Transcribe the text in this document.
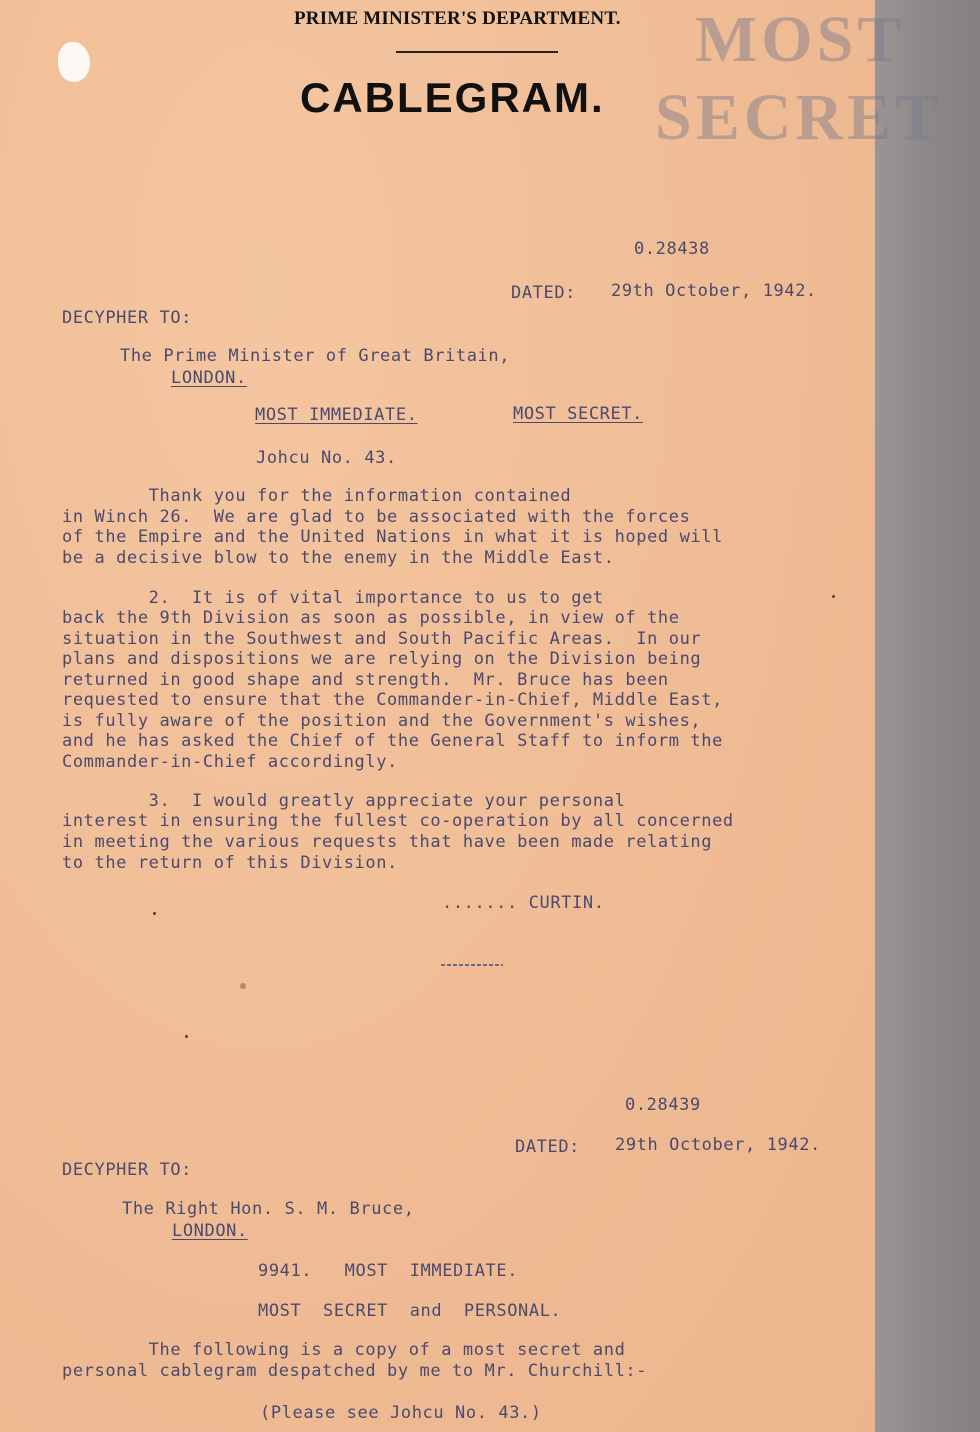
PRIME MINISTER'S DEPARTMENT.
CABLEGRAM.
0.28438
DATED: 29th October, 1942.
DECYPHER TO:
The Prime Minister of Great Britain,
LONDON.
MOST IMMEDIATE.	MOST SECRET.
Johcu No. 43.
Thank you for the information contained
in Winch 26.  We are glad to be associated with the forces
of the Empire and the United Nations in what it is hoped will
be a decisive blow to the enemy in the Middle East.
2.  It is of vital importance to us to get
back the 9th Division as soon as possible, in view of the
situation in the Southwest and South Pacific Areas.  In our
plans and dispositions we are relying on the Division being
returned in good shape and strength.  Mr. Bruce has been
requested to ensure that the Commander-in-Chief, Middle East,
is fully aware of the position and the Government's wishes,
and he has asked the Chief of the General Staff to inform the
Commander-in-Chief accordingly.
3.  I would greatly appreciate your personal
interest in ensuring the fullest co-operation by all concerned
in meeting the various requests that have been made relating
to the return of this Division.
....... CURTIN.
0.28439
DATED: 29th October, 1942.
DECYPHER TO:
The Right Hon. S. M. Bruce,
LONDON.
9941.   MOST  IMMEDIATE.
MOST  SECRET  and  PERSONAL.
The following is a copy of a most secret and
personal cablegram despatched by me to Mr. Churchill:-
(Please see Johcu No. 43.)
MOST
SECRET
